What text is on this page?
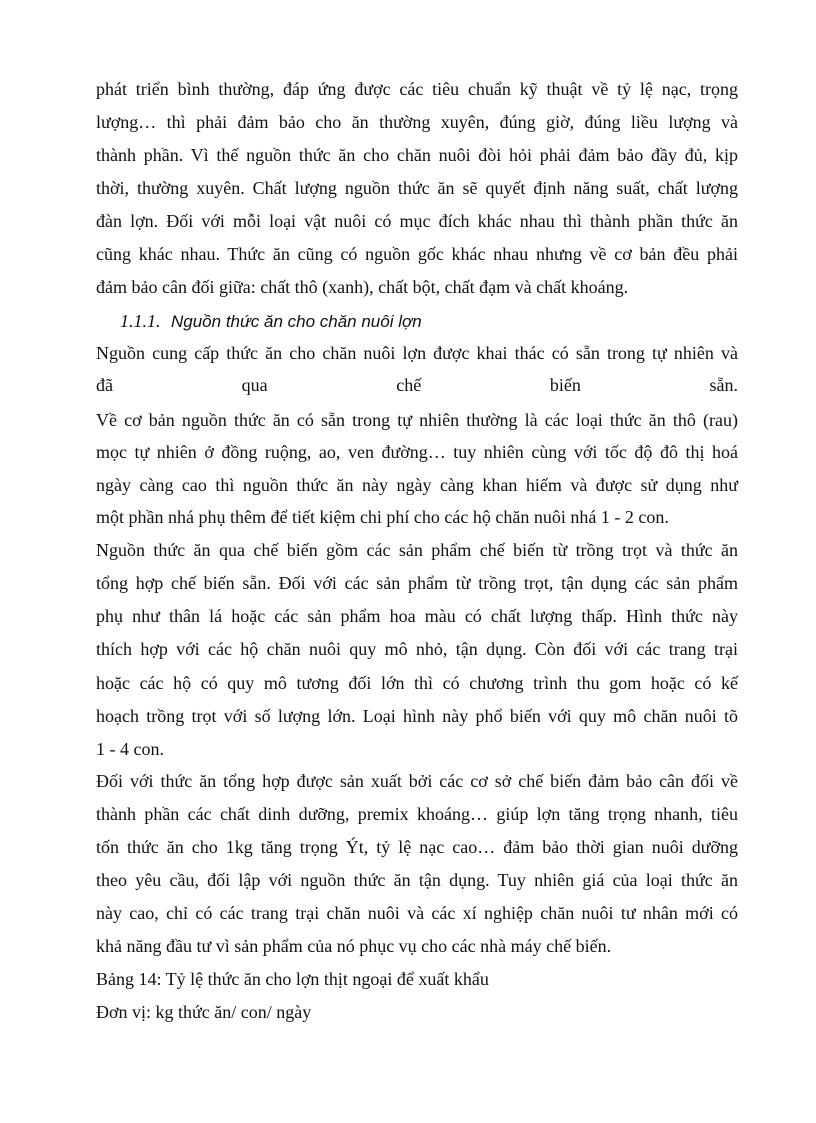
phát triển bình thường, đáp ứng được các tiêu chuẩn kỹ thuật về tỷ lệ nạc, trọng
lượng… thì phải đảm bảo cho ăn thường xuyên, đúng giờ, đúng liều lượng và
thành phần. Vì thế nguồn thức ăn cho chăn nuôi đòi hỏi phải đảm bảo đầy đủ, kịp
thời, thường xuyên. Chất lượng nguồn thức ăn sẽ quyết định năng suất, chất lượng
đàn lợn. Đối với mỗi loại vật nuôi có mục đích khác nhau thì thành phần thức ăn
cũng khác nhau. Thức ăn cũng có nguồn gốc khác nhau nhưng về cơ bản đều phải
đảm bảo cân đối giữa: chất thô (xanh), chất bột, chất đạm và chất khoáng.
1.1.1. Nguồn thức ăn cho chăn nuôi lợn
Nguồn cung cấp thức ăn cho chăn nuôi lợn được khai thác có sẵn trong tự nhiên và
đã qua chế biến sẵn.
Về cơ bản nguồn thức ăn có sẵn trong tự nhiên thường là các loại thức ăn thô (rau)
mọc tự nhiên ở đồng ruộng, ao, ven đường… tuy nhiên cùng với tốc độ đô thị hoá
ngày càng cao thì nguồn thức ăn này ngày càng khan hiếm và được sử dụng như
một phần nhá phụ thêm để tiết kiệm chi phí cho các hộ chăn nuôi nhá 1 - 2 con.
Nguồn thức ăn qua chế biến gồm các sản phẩm chế biến từ trồng trọt và thức ăn
tổng hợp chế biến sẵn. Đối với các sản phẩm từ trồng trọt, tận dụng các sản phẩm
phụ như thân lá hoặc các sản phẩm hoa màu có chất lượng thấp. Hình thức này
thích hợp với các hộ chăn nuôi quy mô nhỏ, tận dụng. Còn đối với các trang trại
hoặc các hộ có quy mô tương đối lớn thì có chương trình thu gom hoặc có kế
hoạch trồng trọt với số lượng lớn. Loại hình này phổ biến với quy mô chăn nuôi tõ
1 - 4 con.
Đối với thức ăn tổng hợp được sản xuất bởi các cơ sở chế biến đảm bảo cân đối về
thành phần các chất dinh dưỡng, premix khoáng… giúp lợn tăng trọng nhanh, tiêu
tốn thức ăn cho 1kg tăng trọng Ýt, tỷ lệ nạc cao… đảm bảo thời gian nuôi dưỡng
theo yêu cầu, đối lập với nguồn thức ăn tận dụng. Tuy nhiên giá của loại thức ăn
này cao, chỉ có các trang trại chăn nuôi và các xí nghiệp chăn nuôi tư nhân mới có
khả năng đầu tư vì sản phẩm của nó phục vụ cho các nhà máy chế biến.
Bảng 14: Tỷ lệ thức ăn cho lợn thịt ngoại để xuất khẩu
Đơn vị: kg thức ăn/ con/ ngày
